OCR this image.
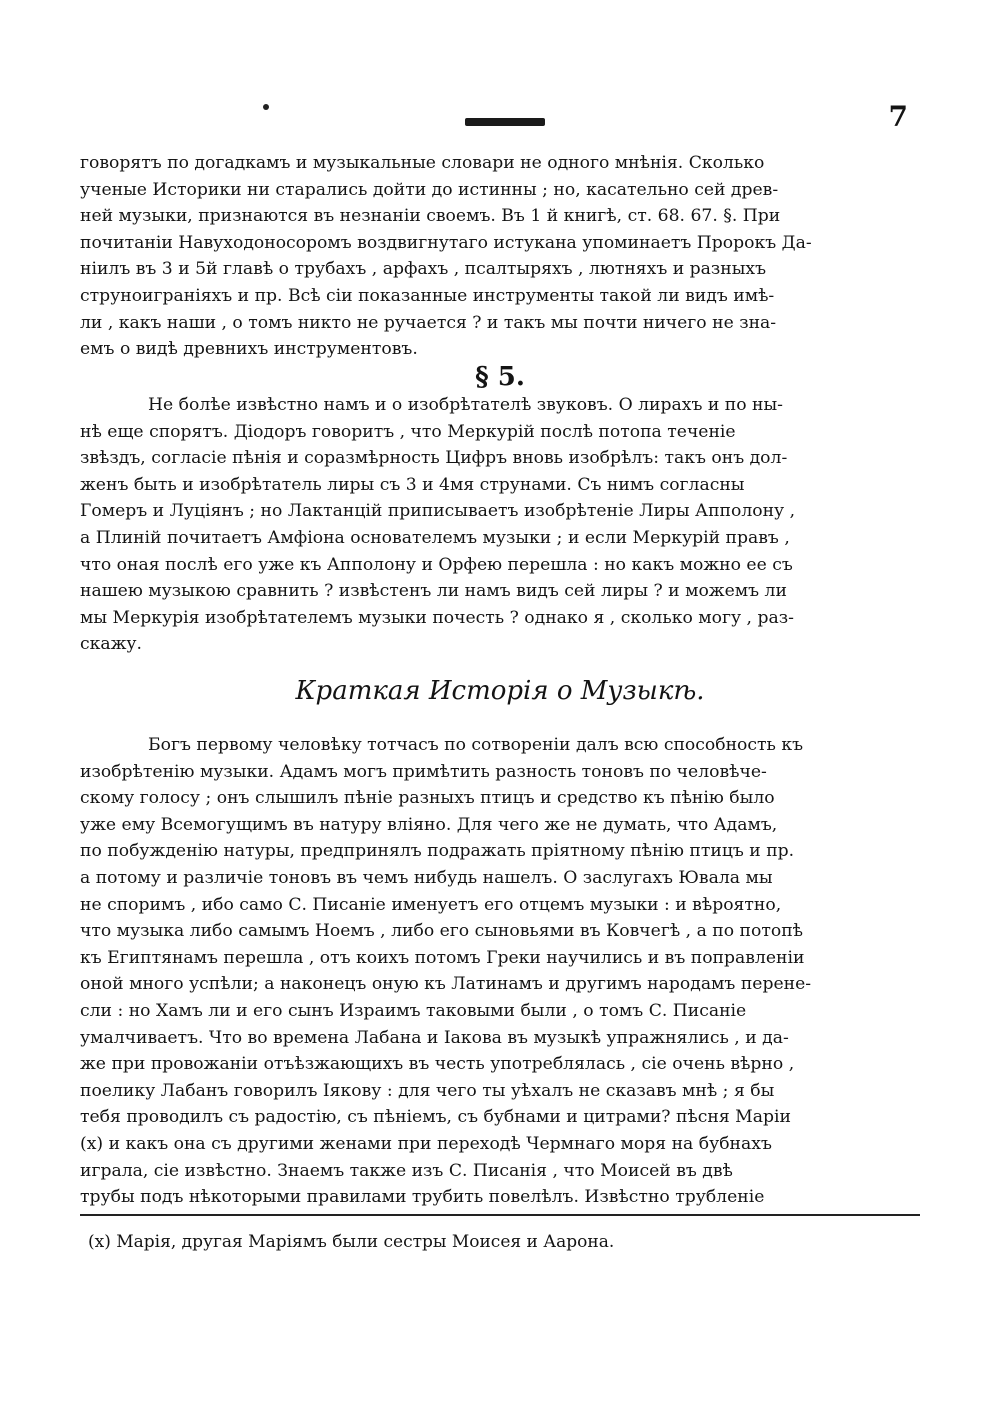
7

говорятъ по догадкамъ и музыкальные словари не одного мнѣнія. Сколько

ученые Историки ни старались дойти до истинны ; но, касательно сей древ-

ней музыки, признаются въ незнаніи своемъ. Въ 1 й книгѣ, ст. 68. 67. §. При

почитаніи Навуходоносоромъ воздвигнутаго истукана упоминаетъ Пророкъ Да-

ніилъ въ 3 и 5й главѣ о трубахъ , арфахъ , псалтыряхъ , лютняхъ и разныхъ

струноиграніяхъ и пр. Всѣ сіи показанные инструменты такой ли видъ имѣ-

ли , какъ наши , о томъ никто не ручается ? и такъ мы почти ничего не зна-

емъ о видѣ древнихъ инструментовъ.

§ 5.

Не болѣе извѣстно намъ и о изобрѣтателѣ звуковъ. О лирахъ и по ны-

нѣ еще спорятъ. Діодоръ говоритъ , что Меркурій послѣ потопа теченіе

звѣздъ, согласіе пѣнія и соразмѣрность Цифръ вновь изобрѣлъ: такъ онъ дол-

женъ быть и изобрѣтатель лиры съ 3 и 4мя струнами. Съ нимъ согласны

Гомеръ и Луціянъ ; но Лактанцій приписываетъ изобрѣтеніе Лиры Апполону ,

а Плиній почитаетъ Амфіона основателемъ музыки ; и если Меркурій правъ ,

что оная послѣ его уже къ Апполону и Орфею перешла : но какъ можно ее съ

нашею музыкою сравнить ? извѣстенъ ли намъ видъ сей лиры ? и можемъ ли

мы Меркурія изобрѣтателемъ музыки почесть ? однако я , сколько могу , раз-

скажу.

Краткая Исторія о Музыкѣ.

Богъ первому человѣку тотчасъ по сотвореніи далъ всю способность къ

изобрѣтенію музыки. Адамъ могъ примѣтить разность тоновъ по человѣче-

скому голосу ; онъ слышилъ пѣніе разныхъ птицъ и средство къ пѣнію было

уже ему Всемогущимъ въ натуру вліяно. Для чего же не думать, что Адамъ,

по побужденію натуры, предпринялъ подражать пріятному пѣнію птицъ и пр.

а потому и различіе тоновъ въ чемъ нибудь нашелъ. О заслугахъ Ювала мы

не споримъ , ибо само С. Писаніе именуетъ его отцемъ музыки : и вѣроятно,

что музыка либо самымъ Ноемъ , либо его сыновьями въ Ковчегѣ , а по потопѣ

къ Египтянамъ перешла , отъ коихъ потомъ Греки научились и въ поправленіи

оной много успѣли; а наконецъ оную къ Латинамъ и другимъ народамъ перене-

сли : но Хамъ ли и его сынъ Израимъ таковыми были , о томъ С. Писаніе

умалчиваетъ. Что во времена Лабана и Іакова въ музыкѣ упражнялись , и да-

же при провожаніи отъѣзжающихъ въ честь употреблялась , сіе очень вѣрно ,

поелику Лабанъ говорилъ Іякову : для чего ты уѣхалъ не сказавъ мнѣ ; я бы

тебя проводилъ съ радостію, съ пѣніемъ, съ бубнами и цитрами? пѣсня Маріи

(x) и какъ она съ другими женами при переходѣ Чермнаго моря на бубнахъ

играла, сіе извѣстно. Знаемъ также изъ С. Писанія , что Моисей въ двѣ

трубы подъ нѣкоторыми правилами трубить повелѣлъ. Извѣстно трубленіе

(x) Марія, другая Маріямъ были сестры Моисея и Аарона.
